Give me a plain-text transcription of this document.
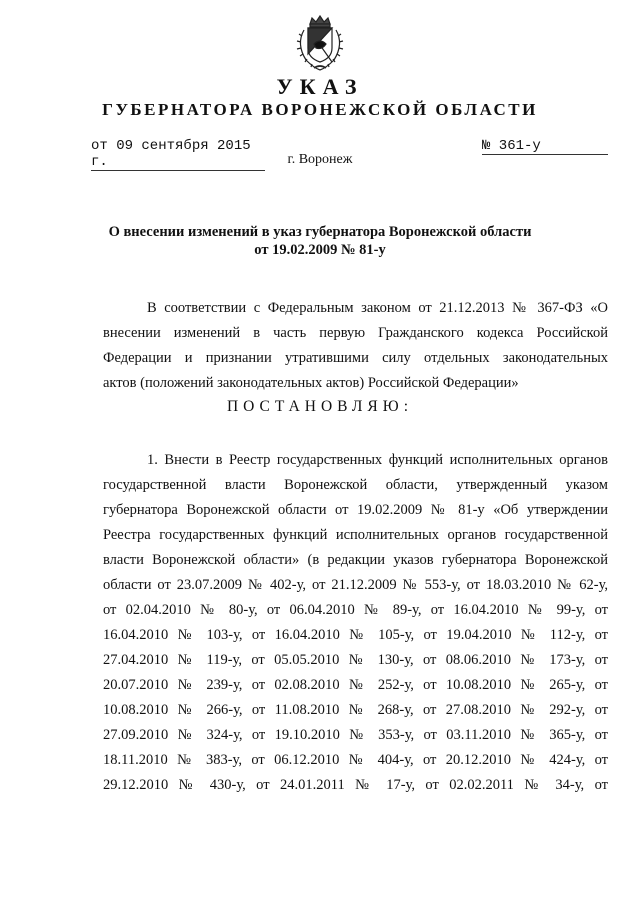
УКАЗ
ГУБЕРНАТОРА ВОРОНЕЖСКОЙ ОБЛАСТИ
от 09 сентября 2015 г.
№ 361-у
г. Воронеж
О внесении изменений в указ губернатора Воронежской области
от 19.02.2009 № 81-у
В соответствии с Федеральным законом от 21.12.2013 № 367-ФЗ «О
внесении изменений в часть первую Гражданского кодекса Российской
Федерации и признании утратившими силу отдельных законодательных
актов (положений законодательных актов) Российской Федерации»
ПОСТАНОВЛЯЮ:
1. Внести в Реестр государственных функций исполнительных органов
государственной власти Воронежской области, утвержденный указом
губернатора Воронежской области от 19.02.2009 № 81-у «Об утверждении
Реестра государственных функций исполнительных органов государственной
власти Воронежской области» (в редакции указов губернатора Воронежской
области от 23.07.2009 № 402-у, от 21.12.2009 № 553-у, от 18.03.2010 № 62-у,
от 02.04.2010 № 80-у, от 06.04.2010 № 89-у, от 16.04.2010 № 99-у, от
16.04.2010 № 103-у, от 16.04.2010 № 105-у, от 19.04.2010 № 112-у, от
27.04.2010 № 119-у, от 05.05.2010 № 130-у, от 08.06.2010 № 173-у, от
20.07.2010 № 239-у, от 02.08.2010 № 252-у, от 10.08.2010 № 265-у, от
10.08.2010 № 266-у, от 11.08.2010 № 268-у, от 27.08.2010 № 292-у, от
27.09.2010 № 324-у, от 19.10.2010 № 353-у, от 03.11.2010 № 365-у, от
18.11.2010 № 383-у, от 06.12.2010 № 404-у, от 20.12.2010 № 424-у, от
29.12.2010 № 430-у, от 24.01.2011 № 17-у, от 02.02.2011 № 34-у, от
